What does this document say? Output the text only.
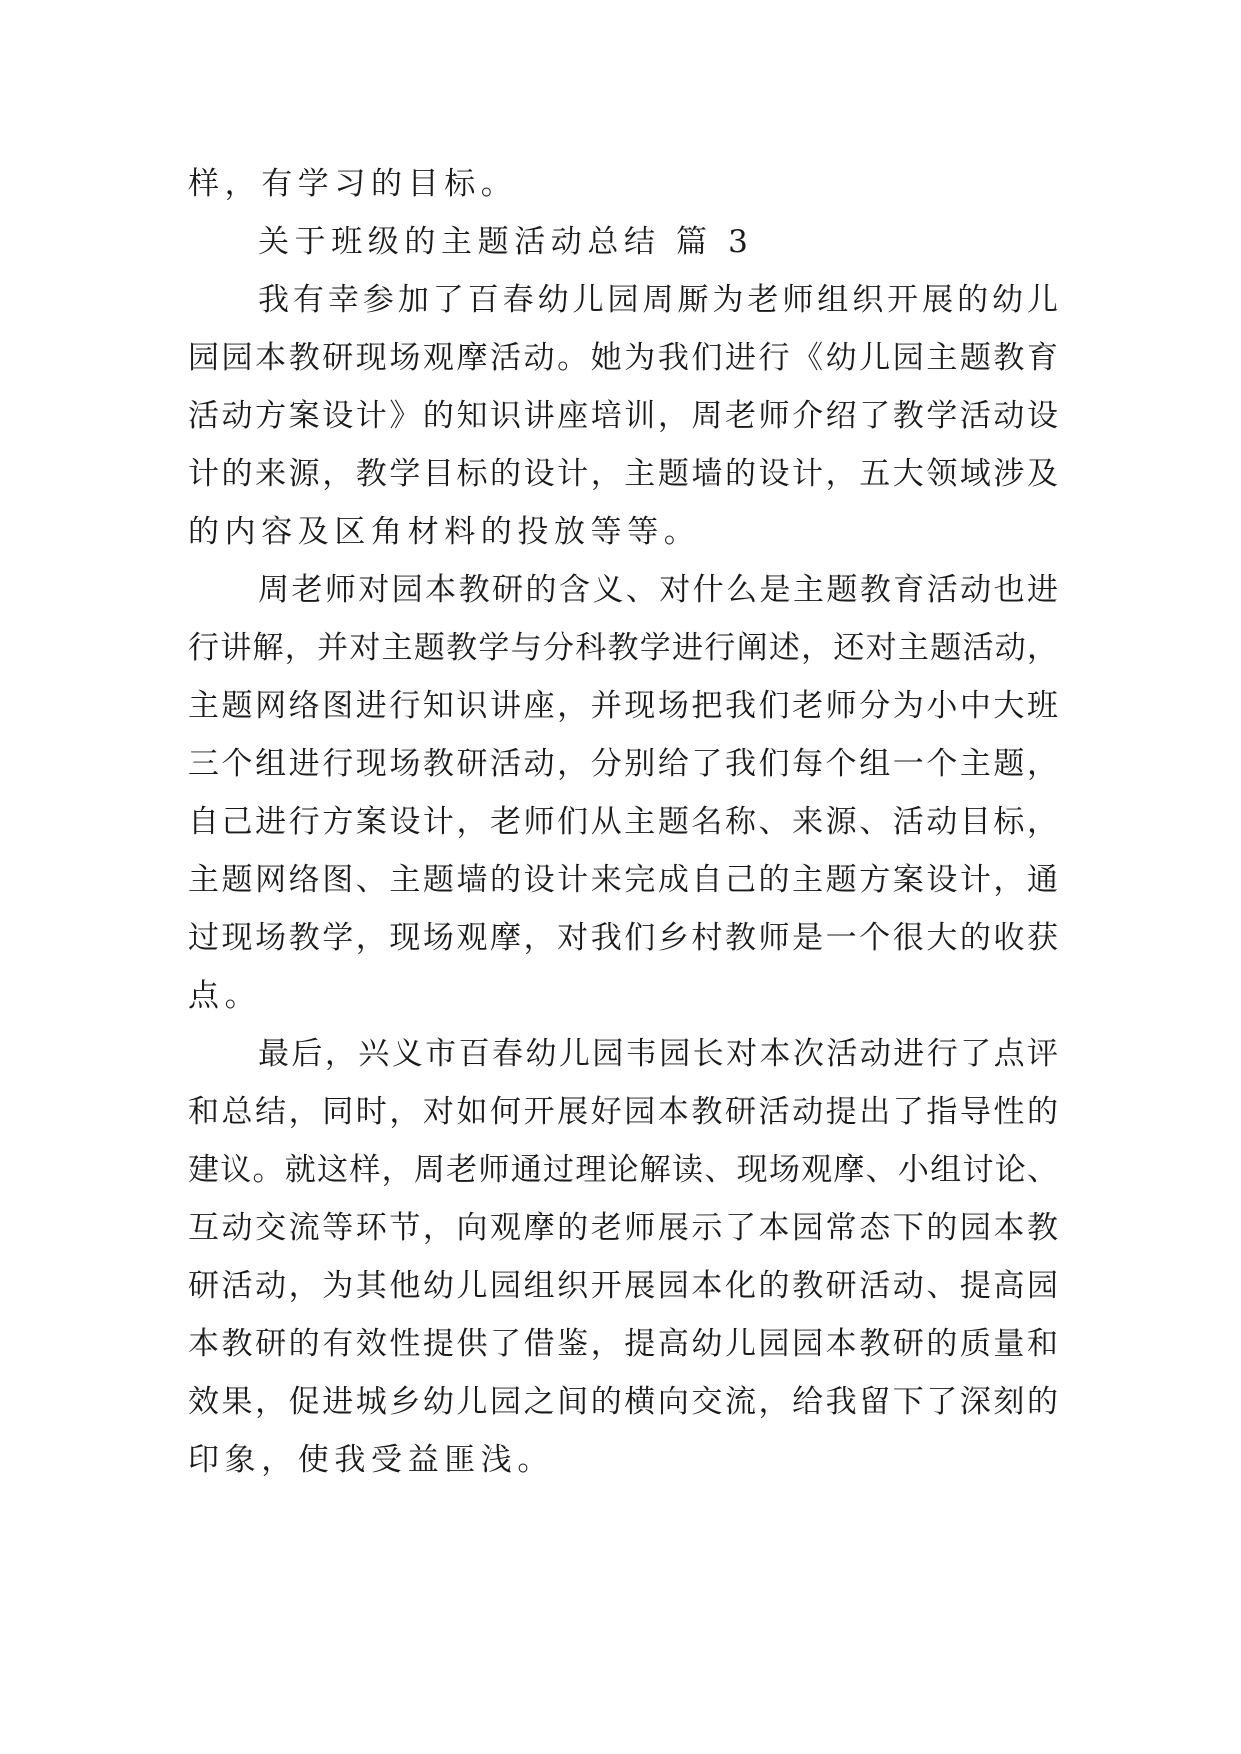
样，有学习的目标。
关于班级的主题活动总结 篇 3
我有幸参加了百春幼儿园周厮为老师组织开展的幼儿
园园本教研现场观摩活动。她为我们进行《幼儿园主题教育
活动方案设计》的知识讲座培训，周老师介绍了教学活动设
计的来源，教学目标的设计，主题墙的设计，五大领域涉及
的内容及区角材料的投放等等。
周老师对园本教研的含义、对什么是主题教育活动也进
行讲解，并对主题教学与分科教学进行阐述，还对主题活动，
主题网络图进行知识讲座，并现场把我们老师分为小中大班
三个组进行现场教研活动，分别给了我们每个组一个主题，
自己进行方案设计，老师们从主题名称、来源、活动目标，
主题网络图、主题墙的设计来完成自己的主题方案设计，通
过现场教学，现场观摩，对我们乡村教师是一个很大的收获
点。
最后，兴义市百春幼儿园韦园长对本次活动进行了点评
和总结，同时，对如何开展好园本教研活动提出了指导性的
建议。就这样，周老师通过理论解读、现场观摩、小组讨论、
互动交流等环节，向观摩的老师展示了本园常态下的园本教
研活动，为其他幼儿园组织开展园本化的教研活动、提高园
本教研的有效性提供了借鉴，提高幼儿园园本教研的质量和
效果，促进城乡幼儿园之间的横向交流，给我留下了深刻的
印象，使我受益匪浅。
